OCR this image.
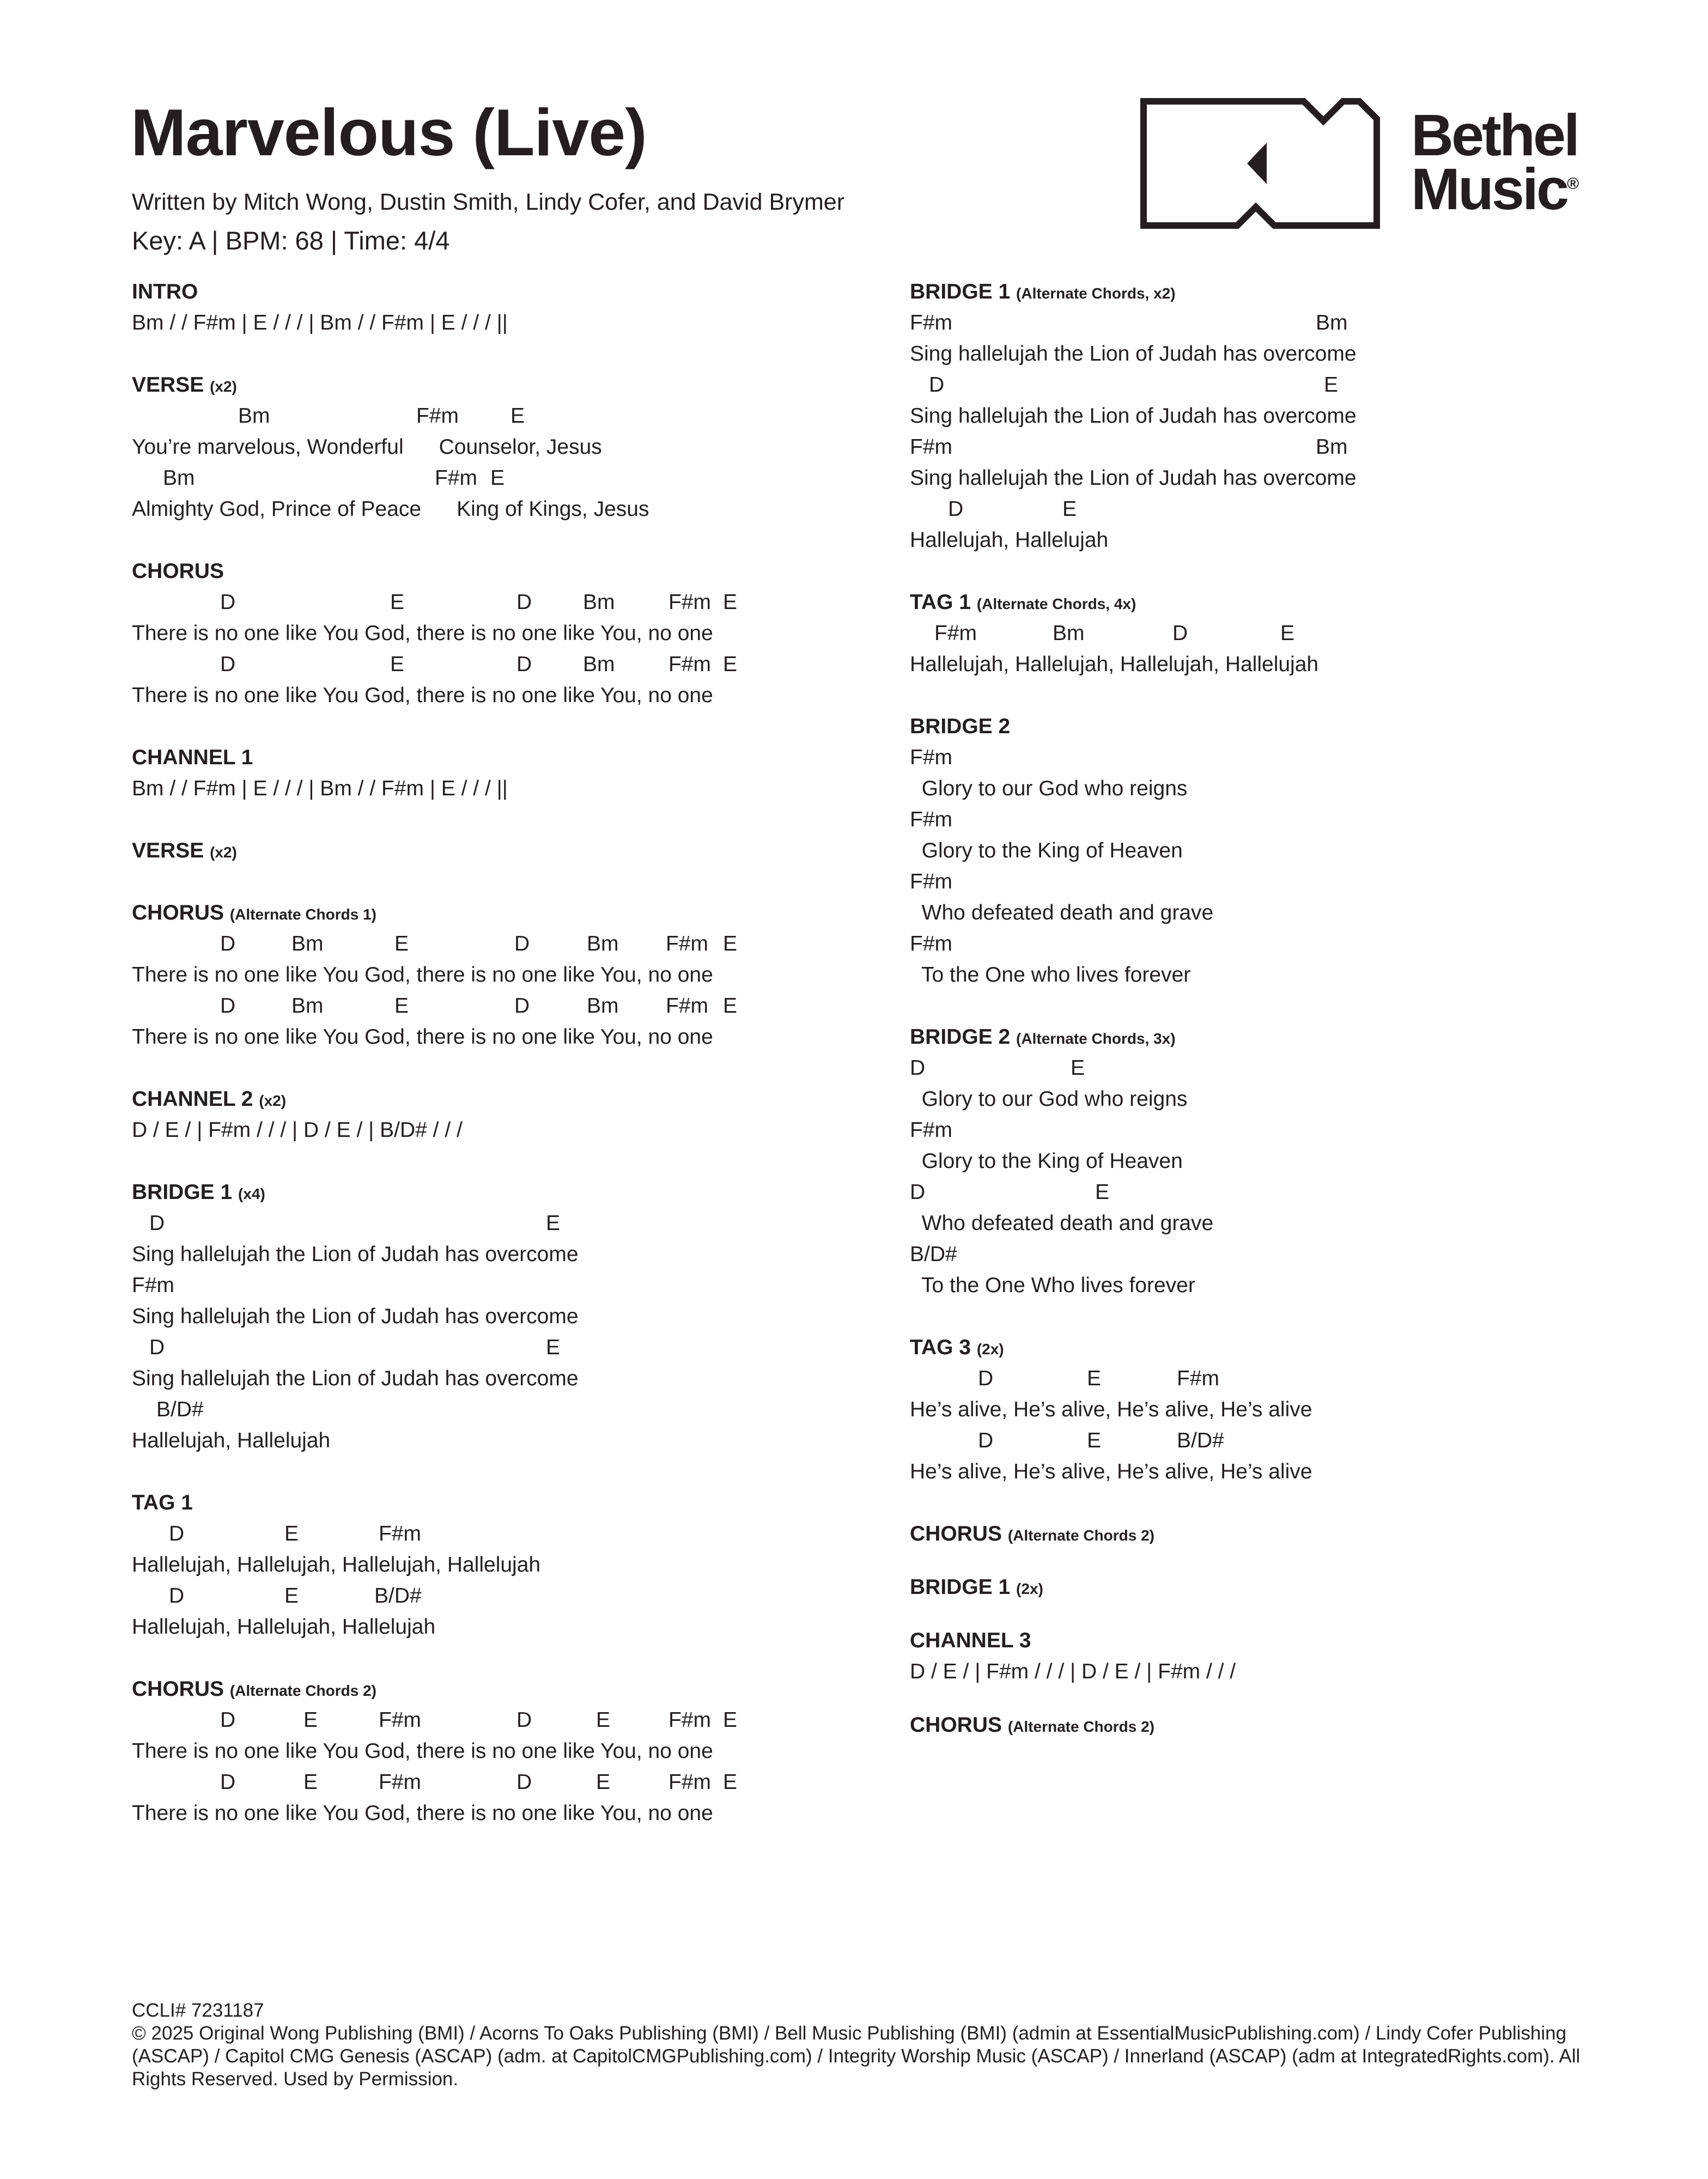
Marvelous (Live)
Written by Mitch Wong, Dustin Smith, Lindy Cofer, and David Brymer
Key: A | BPM: 68 | Time: 4/4
Bethel
Music®
INTRO
Bm / / F#m | E / / / | Bm / / F#m | E / / / ||
VERSE (x2)

Bm

	F#m

E

You’re marvelous, Wonderful      Counselor, Jesus

Bm

	F#m

E

Almighty God, Prince of Peace      King of Kings, Jesus
CHORUS

D

	E

	D

Bm

	F#m

E

There is no one like You God, there is no one like You, no one

D

	E

	D

Bm

	F#m

E

There is no one like You God, there is no one like You, no one
CHANNEL 1
Bm / / F#m | E / / / | Bm / / F#m | E / / / ||
VERSE (x2)
CHORUS (Alternate Chords 1)

D

	Bm

	E

	D

	Bm

F#m

E

There is no one like You God, there is no one like You, no one

D

	Bm

	E

	D

	Bm

F#m

E

There is no one like You God, there is no one like You, no one
CHANNEL 2 (x2)
D / E / | F#m / / / | D / E / | B/D# / / /
BRIDGE 1 (x4)

D

	E

Sing hallelujah the Lion of Judah has overcome

F#m

Sing hallelujah the Lion of Judah has overcome

D

	E

Sing hallelujah the Lion of Judah has overcome

B/D#

Hallelujah, Hallelujah
TAG 1

D

	E

	F#m

Hallelujah, Hallelujah, Hallelujah, Hallelujah

D

	E

	B/D#

Hallelujah, Hallelujah, Hallelujah
CHORUS (Alternate Chords 2)

D

	E

	F#m

	D

	E

	F#m

E

There is no one like You God, there is no one like You, no one

D

	E

	F#m

	D

	E

	F#m

E

There is no one like You God, there is no one like You, no one
BRIDGE 1 (Alternate Chords, x2)

F#m

	Bm

Sing hallelujah the Lion of Judah has overcome

D

	E

Sing hallelujah the Lion of Judah has overcome

F#m

	Bm

Sing hallelujah the Lion of Judah has overcome

D

	E

Hallelujah, Hallelujah
TAG 1 (Alternate Chords, 4x)

F#m

	Bm

	D

	E

Hallelujah, Hallelujah, Hallelujah, Hallelujah
BRIDGE 2
F#m
Glory to our God who reigns
F#m
Glory to the King of Heaven
F#m
Who defeated death and grave
F#m
To the One who lives forever
BRIDGE 2 (Alternate Chords, 3x)

D

	E

Glory to our God who reigns

F#m

Glory to the King of Heaven

D

	E

Who defeated death and grave

B/D#

To the One Who lives forever
TAG 3 (2x)

D

	E

	F#m

He’s alive, He’s alive, He’s alive, He’s alive

D

	E

	B/D#

He’s alive, He’s alive, He’s alive, He’s alive
CHORUS (Alternate Chords 2)
BRIDGE 1 (2x)
CHANNEL 3
D / E / | F#m / / / | D / E / | F#m / / /
CHORUS (Alternate Chords 2)
CCLI# 7231187
© 2025 Original Wong Publishing (BMI) / Acorns To Oaks Publishing (BMI) / Bell Music Publishing (BMI) (admin at EssentialMusicPublishing.com) / Lindy Cofer Publishing (ASCAP) / Capitol CMG Genesis (ASCAP) (adm. at CapitolCMGPublishing.com) / Integrity Worship Music (ASCAP) / Innerland (ASCAP) (adm at IntegratedRights.com). All Rights Reserved. Used by Permission.
